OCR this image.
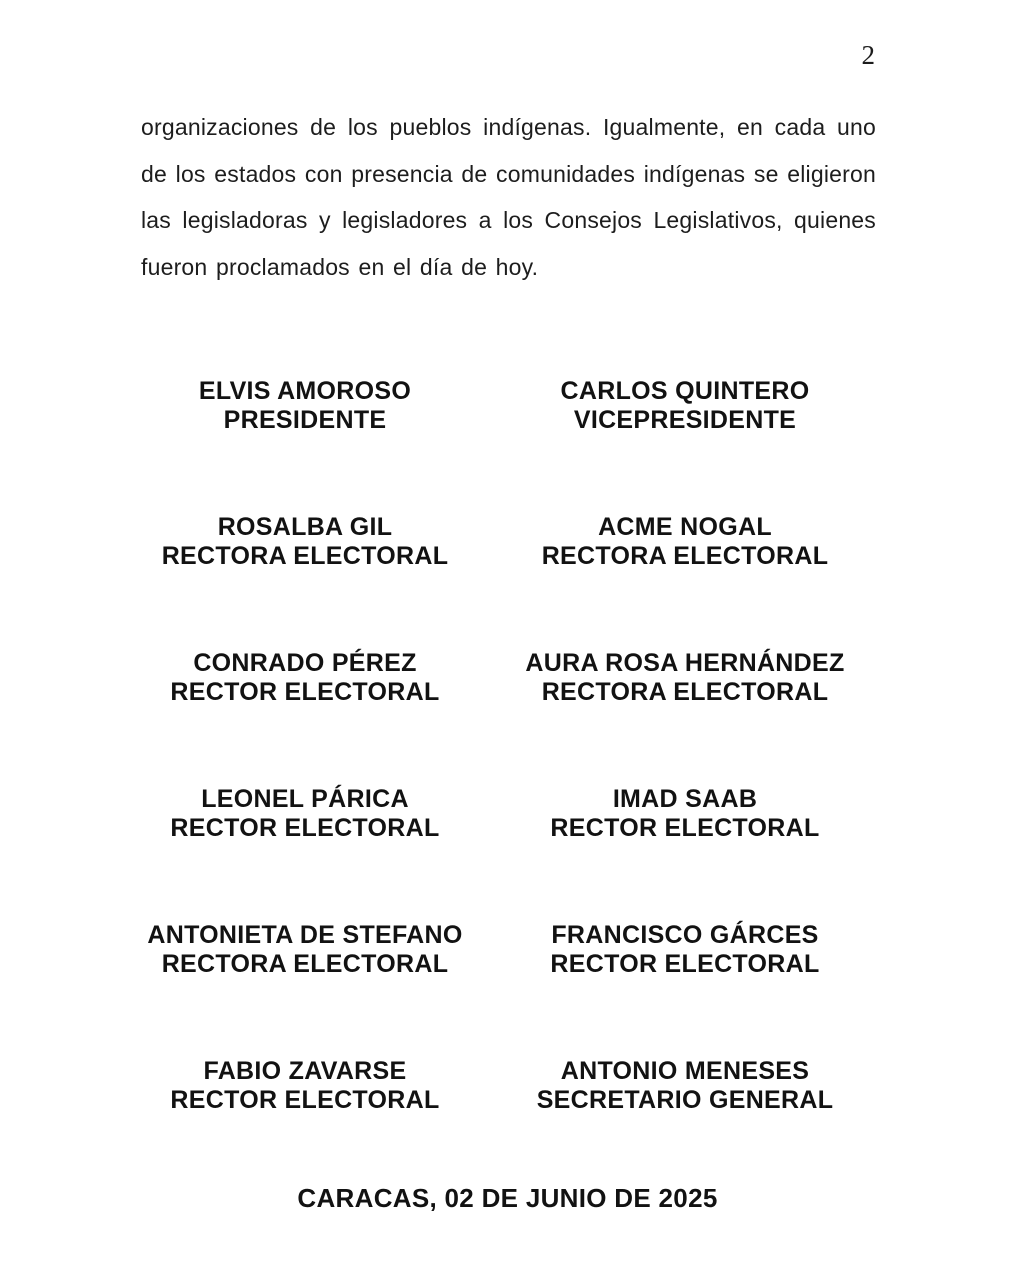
2

organizaciones de los pueblos indígenas. Igualmente, en cada uno de los estados con presencia de comunidades indígenas se eligieron las legisladoras y legisladores a los Consejos Legislativos, quienes fueron proclamados en el día de hoy.

ELVIS AMOROSO
PRESIDENTE
CARLOS QUINTERO
VICEPRESIDENTE
ROSALBA GIL
RECTORA ELECTORAL
ACME NOGAL
RECTORA ELECTORAL
CONRADO PÉREZ
RECTOR ELECTORAL
AURA ROSA HERNÁNDEZ
RECTORA ELECTORAL
LEONEL PÁRICA
RECTOR ELECTORAL
IMAD SAAB
RECTOR ELECTORAL
ANTONIETA DE STEFANO
RECTORA ELECTORAL
FRANCISCO GÁRCES
RECTOR ELECTORAL
FABIO ZAVARSE
RECTOR ELECTORAL
ANTONIO MENESES
SECRETARIO GENERAL
CARACAS, 02 DE JUNIO DE 2025
